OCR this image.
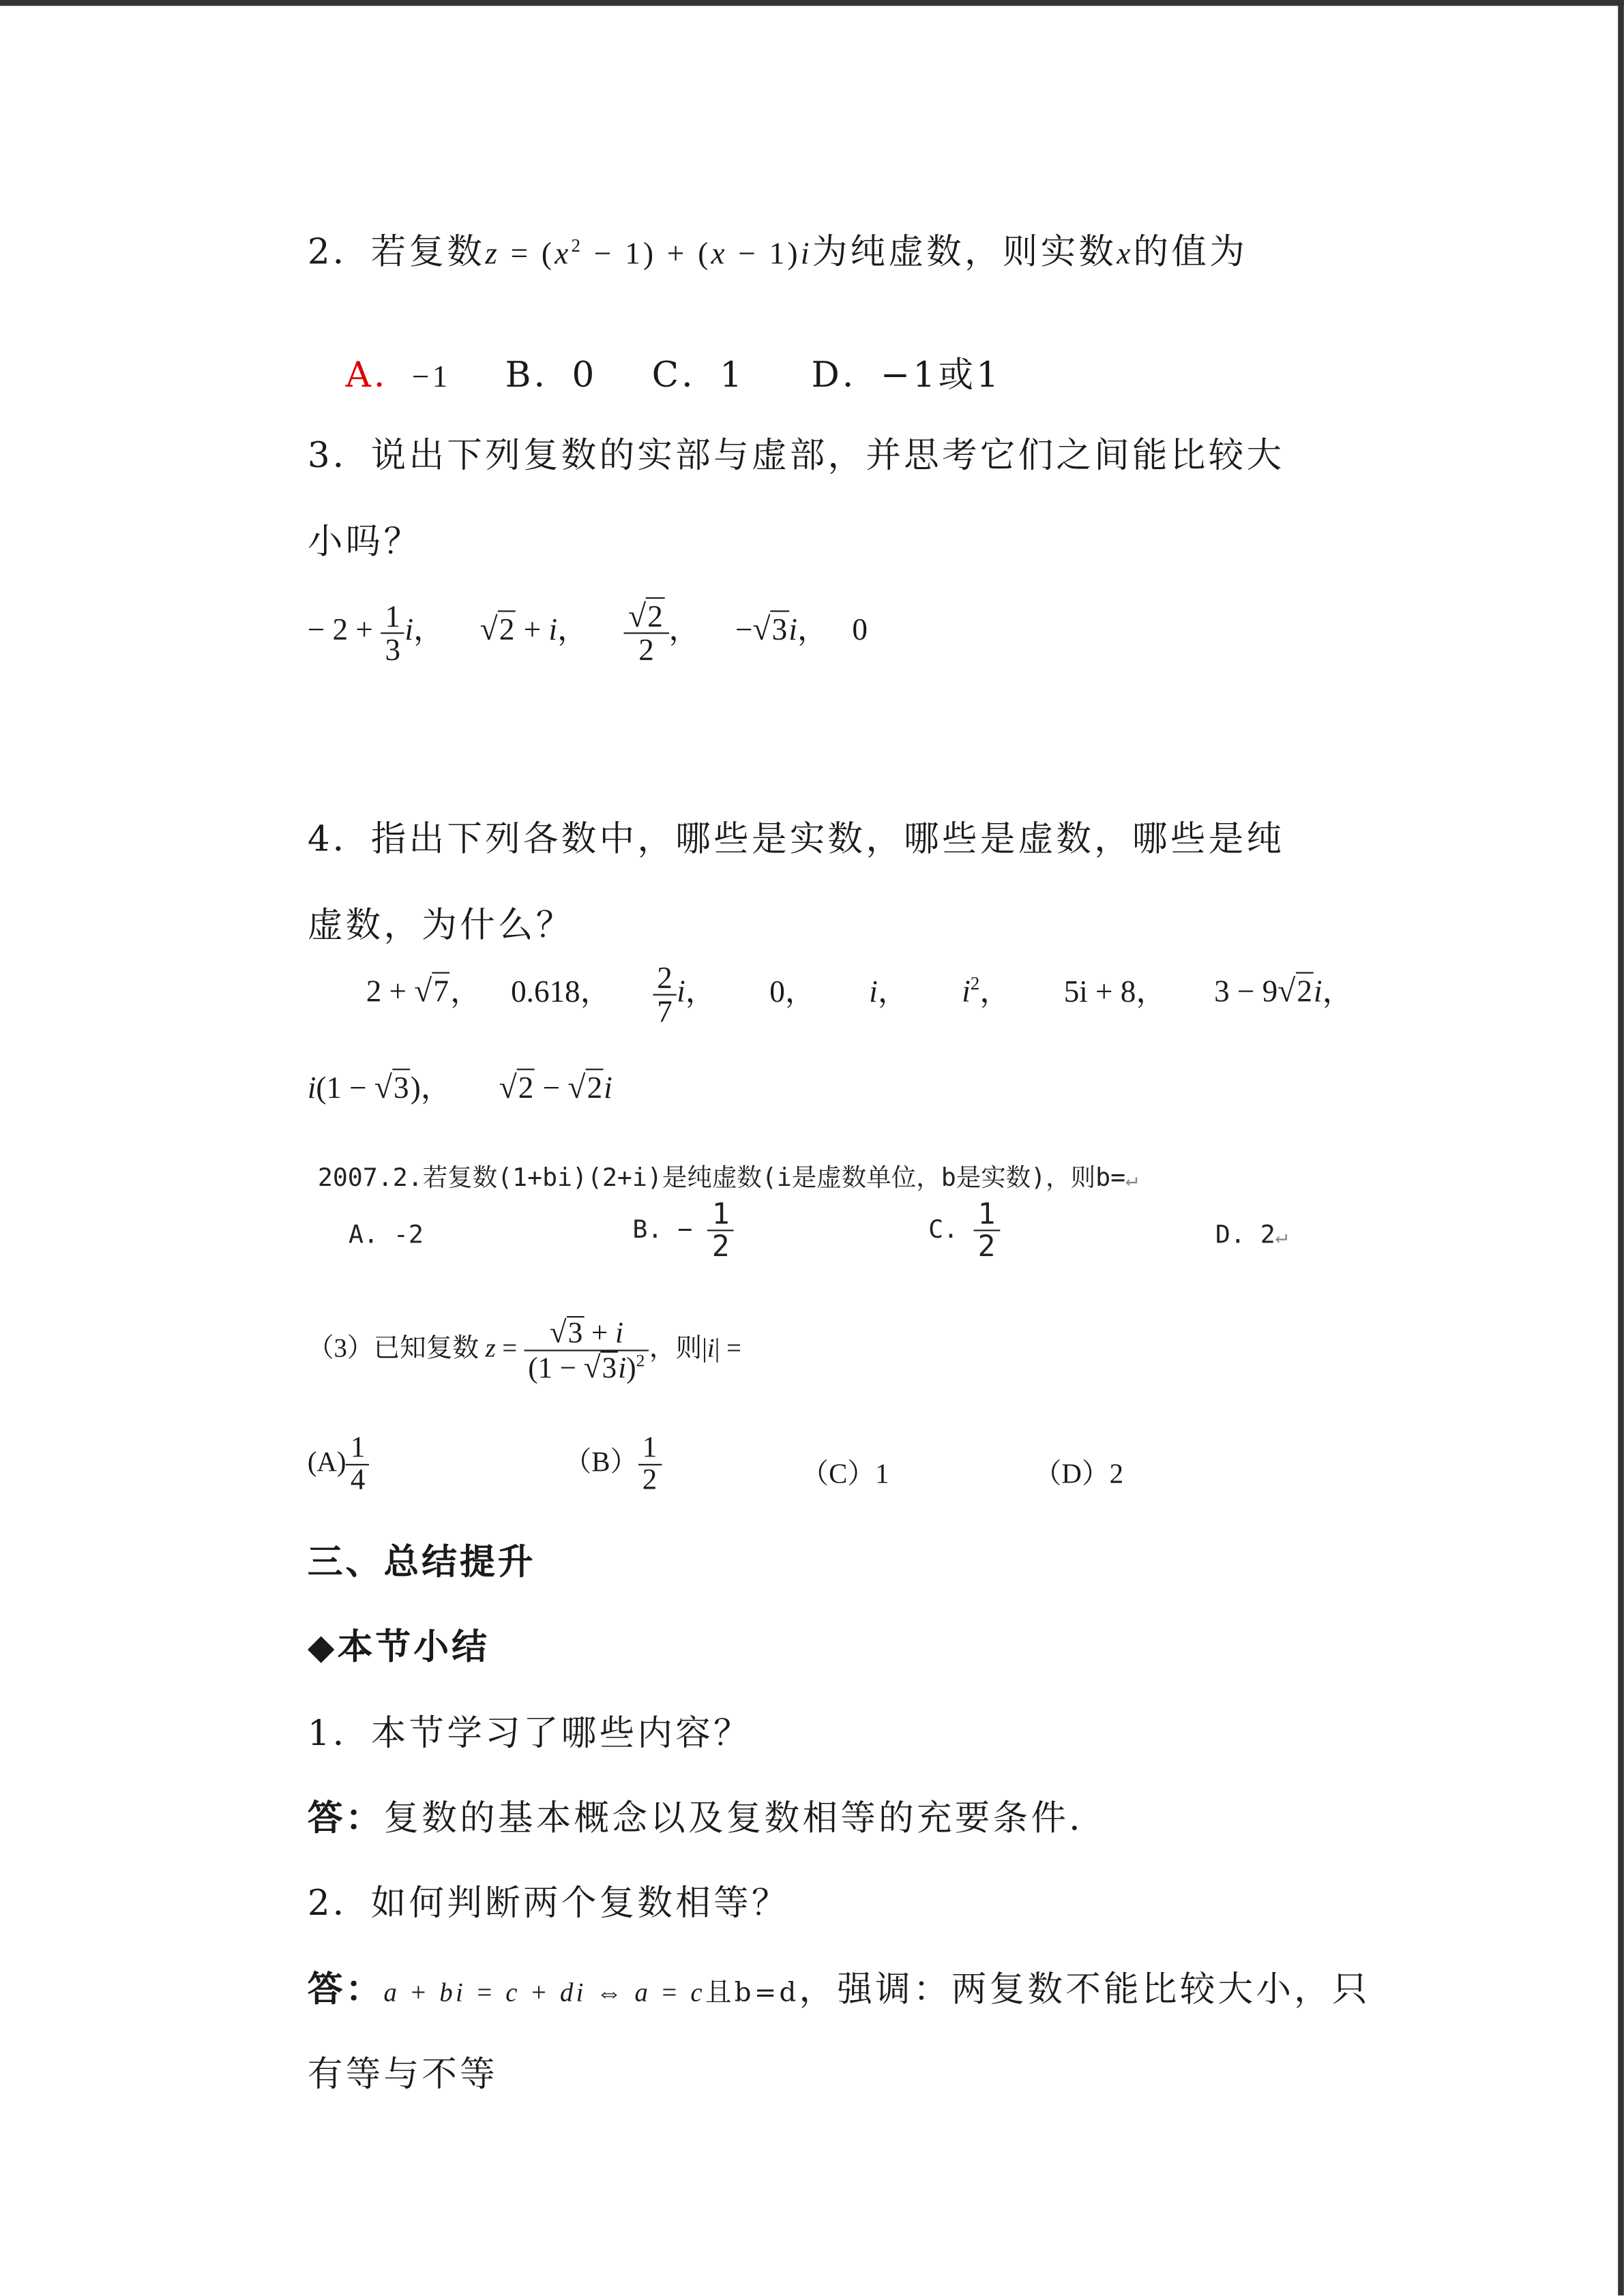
2．若复数$z = (x^2 - 1) + (x - 1)i$为纯虚数，则实数x的值为
A．−1	B．0	C．1	D．−1或1
3．说出下列复数的实部与虚部，并思考它们之间能比较大
小吗？
− $2 + \frac{1}{3}$ i， √ 2 + i， $\frac{√ 2}{2}$ ，	−√ 3 i， 0
4．指出下列各数中，哪些是实数，哪些是虚数，哪些是纯
虚数，为什么？
2 + √ 7 ， 0.618，	$\frac{2}{7}$ i，	0，	i，	$i^2$，	5i + 8，	3 − 9√ 2 i，
i(1 − √ 3 )，	√ 2 − √ 2 i
2007.2.若复数(1+bi)(2+i)是纯虚数(i是虚数单位，b是实数)，则b=↵
A. -2	B. − $\frac{1}{2}$	C. $\frac{1}{2}$	D. 2↵
（3）已知复数 $z = \frac{√ 3 + i}{(1 - √ 3 i)^2}$ ，则|i| =
$(A) \frac{1}{4}$	$(B) \frac{1}{2}$	（C）1	（D）2
三、总结提升
◆本节小结
1．本节学习了哪些内容？
答：复数的基本概念以及复数相等的充要条件.
2．如何判断两个复数相等？
答：a + bi = c + di ⇔ a = c且b=d，强调：两复数不能比较大小，只
有等与不等
